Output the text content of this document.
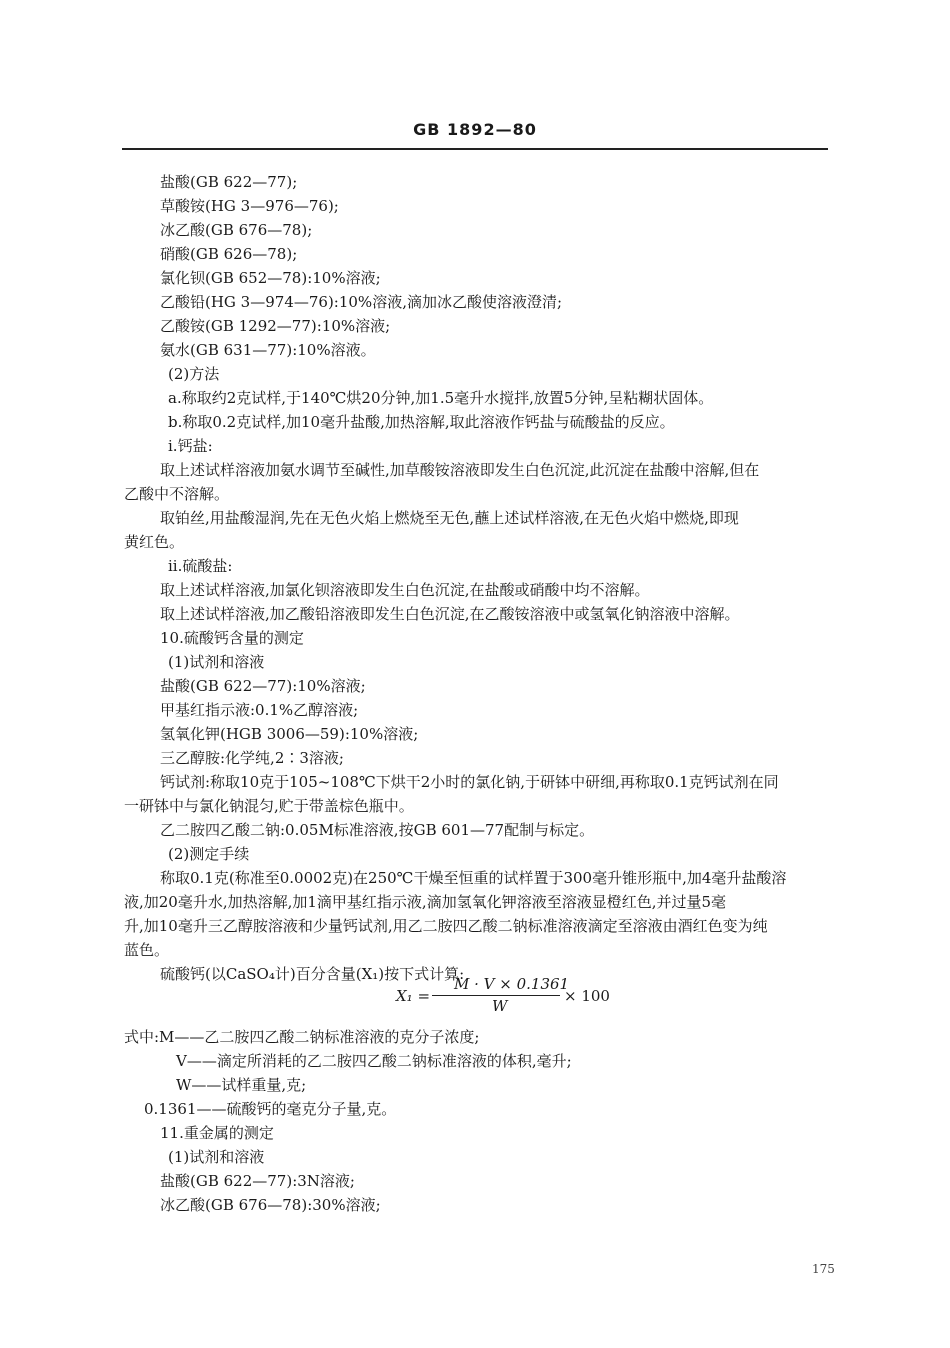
GB 1892—80
盐酸(GB 622—77);
草酸铵(HG 3—976—76);
冰乙酸(GB 676—78);
硝酸(GB 626—78);
氯化钡(GB 652—78):10%溶液;
乙酸铅(HG 3—974—76):10%溶液,滴加冰乙酸使溶液澄清;
乙酸铵(GB 1292—77):10%溶液;
氨水(GB 631—77):10%溶液。
(2)方法
a.称取约2克试样,于140℃烘20分钟,加1.5毫升水搅拌,放置5分钟,呈粘糊状固体。
b.称取0.2克试样,加10毫升盐酸,加热溶解,取此溶液作钙盐与硫酸盐的反应。
i.钙盐:
取上述试样溶液加氨水调节至碱性,加草酸铵溶液即发生白色沉淀,此沉淀在盐酸中溶解,但在
乙酸中不溶解。
取铂丝,用盐酸湿润,先在无色火焰上燃烧至无色,蘸上述试样溶液,在无色火焰中燃烧,即现
黄红色。
ii.硫酸盐:
取上述试样溶液,加氯化钡溶液即发生白色沉淀,在盐酸或硝酸中均不溶解。
取上述试样溶液,加乙酸铅溶液即发生白色沉淀,在乙酸铵溶液中或氢氧化钠溶液中溶解。
10.硫酸钙含量的测定
(1)试剂和溶液
盐酸(GB 622—77):10%溶液;
甲基红指示液:0.1%乙醇溶液;
氢氧化钾(HGB 3006—59):10%溶液;
三乙醇胺:化学纯,2∶3溶液;
钙试剂:称取10克于105~108℃下烘干2小时的氯化钠,于研钵中研细,再称取0.1克钙试剂在同
一研钵中与氯化钠混匀,贮于带盖棕色瓶中。
乙二胺四乙酸二钠:0.05M标准溶液,按GB 601—77配制与标定。
(2)测定手续
称取0.1克(称准至0.0002克)在250℃干燥至恒重的试样置于300毫升锥形瓶中,加4毫升盐酸溶
液,加20毫升水,加热溶解,加1滴甲基红指示液,滴加氢氧化钾溶液至溶液显橙红色,并过量5毫
升,加10毫升三乙醇胺溶液和少量钙试剂,用乙二胺四乙酸二钠标准溶液滴定至溶液由酒红色变为纯
蓝色。
硫酸钙(以CaSO₄计)百分含量(X₁)按下式计算:
式中:M——乙二胺四乙酸二钠标准溶液的克分子浓度;
V——滴定所消耗的乙二胺四乙酸二钠标准溶液的体积,毫升;
W——试样重量,克;
0.1361——硫酸钙的毫克分子量,克。
11.重金属的测定
(1)试剂和溶液
盐酸(GB 622—77):3N溶液;
冰乙酸(GB 676—78):30%溶液;
X₁ =
M · V × 0.1361
W
× 100
175
